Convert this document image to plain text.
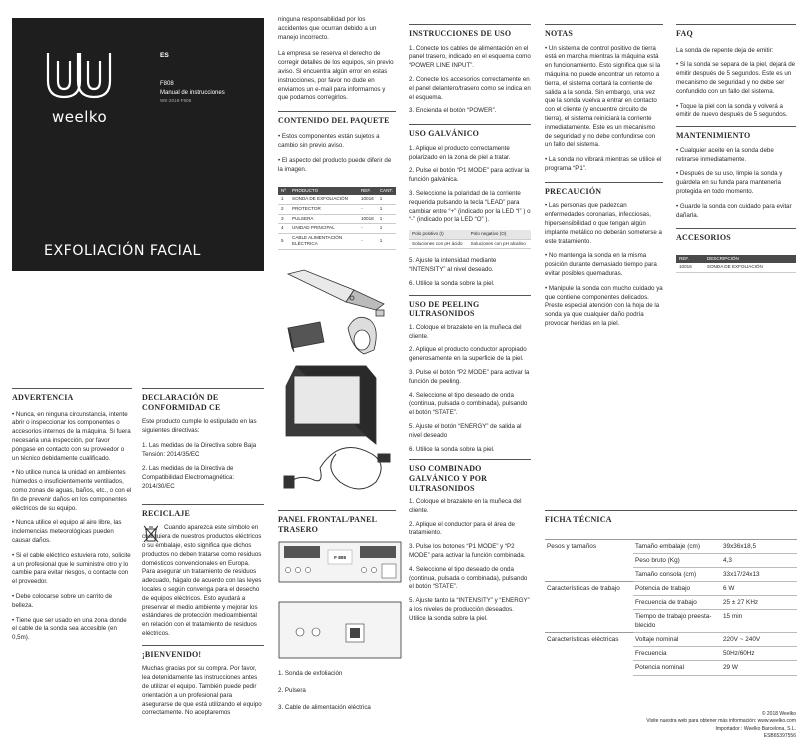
weelko
ES
F808
Manual de instrucciones
WE-2018-F808
EXFOLIACIÓN FACIAL

ninguna responsabilidad por los accidentes que ocurran debido a un manejo incorrecto.

La empresa se reserva el derecho de corregir detalles de los equipos, sin previo aviso. Si encuentra algún error en estas instrucciones, por favor no dude en enviarnos un e-mail para informarnos y que podamos corregirlos.

CONTENIDO DEL PAQUETE

• Estos componentes están sujetos a cambio sin previo aviso.

• El aspecto del producto puede diferir de la imagen.

Nº	PRODUCTO	REF.	CANT.
1	SONDA DE EXFOLIACIÓN	10016	1
2	PROTECTOR	-	1
3	PULSERA	10018	1
4	UNIDAD PRINCIPAL	-	1
5	CABLE ALIMENTACIÓN ELÉCTRICA	-	1
PANEL FRONTAL/PANEL TRASERO
F 808

1. Sonda de exfoliación

2. Pulsera

3. Cable de alimentación eléctrica

INSTRUCCIONES DE USO

1. Conecte los cables de alimentación en el panel trasero, indicado en el esquema como “POWER LINE INPUT”.

2. Conecte los accesorios correctamente en el panel delantero/trasero como se indica en el esquema.

3. Encienda el botón “POWER”.

USO GALVÁNICO

1. Aplique el producto correctamente polarizado en la zona de piel a tratar.

2. Pulse el botón “P1 MODE” para activar la función galvánica.

3. Seleccione la polaridad de la corriente requerida pulsando la tecla “LEAD” para cambiar entre “+” (indicado por la LED “I” ) o “-” (indicado por la LED “O” ).

Polo positivo (I)	Polo negativo (O)
Soluciones con pH ácido	Soluciones con pH alcalino

5. Ajuste la intensidad mediante “INTENSITY” al nivel deseado.

6. Utilice la sonda sobre la piel.

USO DE PEELING ULTRASONIDOS

1. Coloque el brazalete en la muñeca del cliente.

2. Aplique el producto conductor apropiado generosamente en la superficie de la piel.

3. Pulse el botón “P2 MODE” para activar la función de peeling.

4. Seleccione el tipo deseado de onda (continua, pulsada o combinada), pulsando el botón “STATE”.

5. Ajuste el botón “ENERGY” de salida al nivel deseado

6. Utilice la sonda sobre la piel.

USO COMBINADO GALVÁNICO Y POR ULTRASONIDOS

1. Coloque el brazalete en la muñeca del cliente.

2. Aplique el conductor para el área de tratamiento.

3. Pulse los botones “P1 MODE” y “P2 MODE” para activar la función combinada.

4. Seleccione el tipo deseado de onda (continua, pulsada o combinada), pulsando el botón “STATE”.

5. Ajuste tanto la “INTENSITY” y “ENERGY” a los niveles de producción deseados. Utilice la sonda sobre la piel.

NOTAS

• Un sistema de control positivo de tierra está en marcha mientras la máquina está en funcionamiento. Esto significa que si la máquina no puede encontrar un retorno a tierra, el sistema cortará la corriente de salida a la sonda. Sin embargo, una vez que la sonda vuelva a entrar en contacto con el cliente (y encuentre circuito de tierra), el sistema reiniciará la corriente inmediatamente. Este es un mecanismo de seguridad y no debe confundirse con un fallo del sistema.

• La sonda no vibrará mientras se utilice el programa “P1”.

PRECAUCIÓN

• Las personas que padezcan enfermedades coronarias, infecciosas, hipersensibilidad o que tengan algún implante metálico no deberán someterse a este tratamiento.

• No mantenga la sonda en la misma posición durante demasiado tiempo para evitar posibles quemaduras.

• Manipule la sonda con mucho cuidado ya que contiene componentes delicados. Preste especial atención con la hoja de la sonda ya que cualquier daño podría provocar heridas en la piel.

FAQ

La sonda de repente deja de emitir:

• Si la sonda se separa de la piel, dejará de emitir después de 5 segundos. Este es un mecanismo de seguridad y no debe ser confundido con un fallo del sistema.

• Toque la piel con la sonda y volverá a emitir de nuevo después de 5 segundos.

MANTENIMIENTO

• Cualquier aceite en la sonda debe retirarse inmediatamente.

• Después de su uso, limpie la sonda y guárdela en su funda para mantenerla protegida en todo momento.

• Guarde la sonda con cuidado para evitar dañarla.

ACCESORIOS
REF.	DESCRIPCIÓN
10016	SONDA DE EXFOLIACIÓN
ADVERTENCIA

• Nunca, en ninguna circunstancia, intente abrir o inspeccionar los componentes o accesorios internos de la máquina. Si fuera necesaria una inspección, por favor póngase en contacto con su proveedor o un técnico debidamente cualificado.

• No utilice nunca la unidad en ambientes húmedos o insuficientemente ventilados, como zonas de aguas, baños, etc., o con el fin de prevenir daños en los componentes eléctricos de su equipo.

• Nunca utilice el equipo al aire libre, las inclemencias meteorológicas pueden causar daños.

• Si el cable eléctrico estuviera roto, solicite a un profesional que le suministre otro y lo cambie para evitar riesgos, o contacte con el proveedor.

• Debe colocarse sobre un carrito de belleza.

• Tiene que ser usado en una zona donde el cable de la sonda sea accesible (en 0,5m).

DECLARACIÓN DE CONFORMIDAD CE

Este producto cumple lo estipulado en las siguientes directivas:

1. Las medidas de la Directiva sobre Baja Tensión: 2014/35/EC

2. Las medidas de la Directiva de Compatibilidad Electromagnética: 2014/30/EC

RECICLAJE

Cuando aparezca este símbolo en cualquiera de nuestros productos eléctricos o su embalaje, esto significa que dichos productos no deben tratarse como residuos domésticos convencionales en Europa. Para asegurar un tratamiento de residuos adecuado, hágalo de acuerdo con las leyes locales o según convenga para el desecho de equipos eléctricos. Esto ayudará a preservar el medio ambiente y mejorar los estándares de protección medioambiental en relación con el tratamiento de residuos eléctricos.

¡BIENVENIDO!

Muchas gracias por su compra. Por favor, lea detenidamente las instrucciones antes de utilizar el equipo. También puede pedir orientación a un profesional para asegurarse de que está utilizando el equipo correctamente. No aceptaremos

FICHA TÉCNICA
Pesos y tamaños	Tamaño embalaje (cm)	39x36x18,5
	Peso bruto (Kg)	4,3
	Tamaño consola (cm)	33x17/24x13
Características de trabajo	Potencia de trabajo	6 W
	Frecuencia de trabajo	25 ± 27 KHz
	Tiempo de trabajo preesta-blecido	15 min
Características eléctricas	Voltaje nominal	220V ~ 240V
	Frecuencia	50Hz/60Hz
	Potencia nominal	29 W
© 2018 Weelko
Visite nuestra web para obtener más información: www.weelko.com
Importador : Weelko Barcelona, S.L.
ESB65397556
